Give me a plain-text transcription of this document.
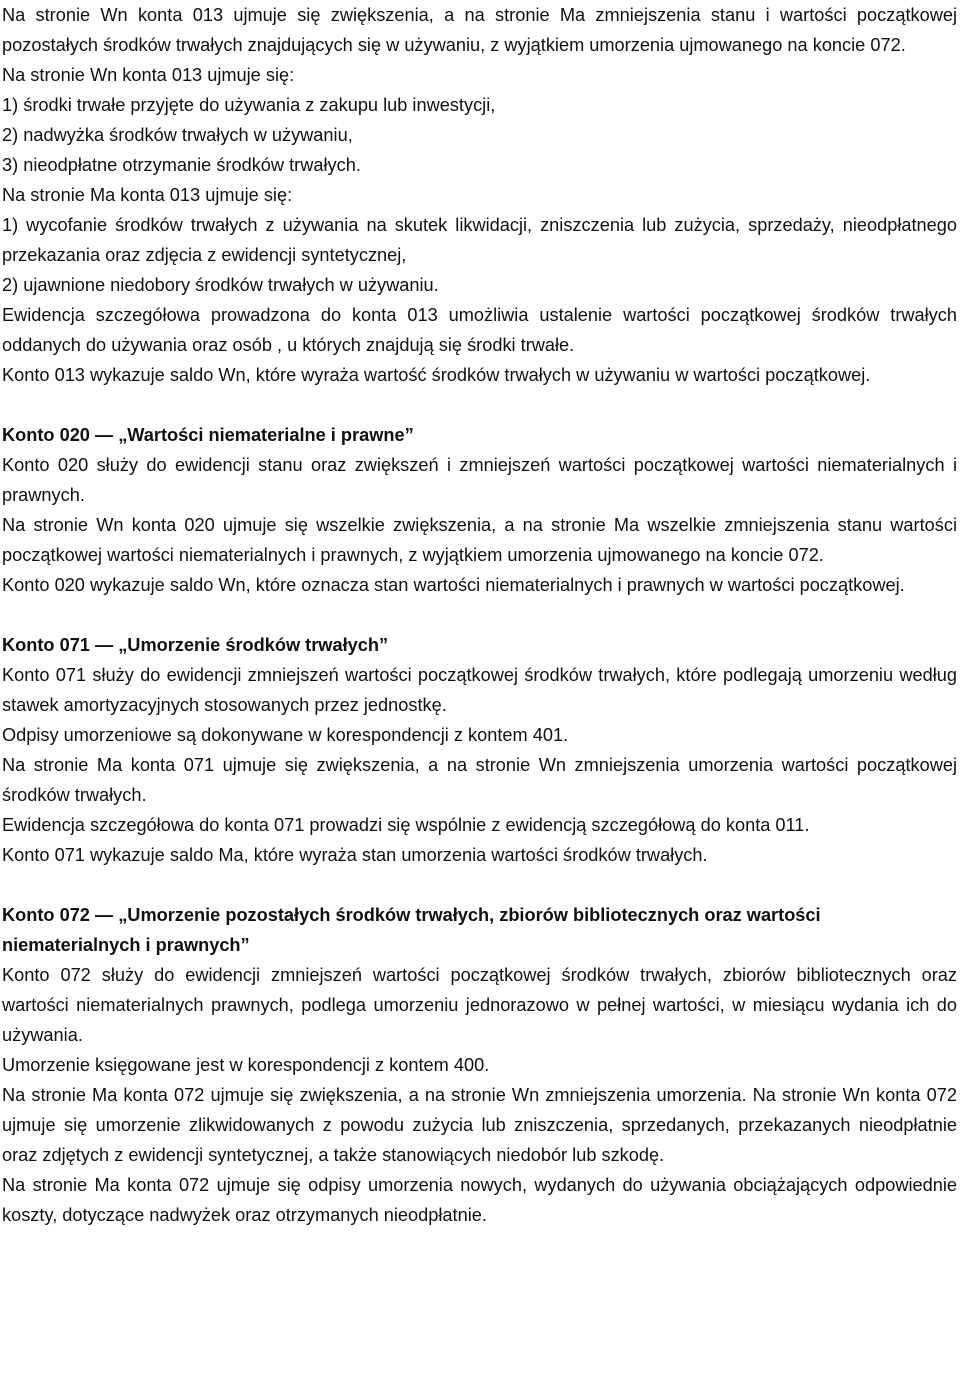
Na stronie Wn konta 013 ujmuje się zwiększenia, a na stronie Ma zmniejszenia stanu i wartości początkowej pozostałych środków trwałych znajdujących się w używaniu, z wyjątkiem umorzenia ujmowanego na koncie 072.

Na stronie Wn konta 013 ujmuje się:

1) środki trwałe przyjęte do używania z zakupu lub inwestycji,

2) nadwyżka środków trwałych w używaniu,

3) nieodpłatne otrzymanie środków trwałych.

Na stronie Ma konta 013 ujmuje się:

1) wycofanie środków trwałych z używania na skutek likwidacji, zniszczenia lub zużycia, sprzedaży, nieodpłatnego przekazania oraz zdjęcia z ewidencji syntetycznej,

2) ujawnione niedobory środków trwałych w używaniu.

Ewidencja szczegółowa prowadzona do konta 013 umożliwia ustalenie wartości początkowej środków trwałych oddanych do używania oraz osób , u których znajdują się środki trwałe.

Konto 013 wykazuje saldo Wn, które wyraża wartość środków trwałych w używaniu w wartości początkowej.

Konto 020 — „Wartości niematerialne i prawne”

Konto 020 służy do ewidencji stanu oraz zwiększeń i zmniejszeń wartości początkowej wartości niematerialnych i prawnych.

Na stronie Wn konta 020 ujmuje się wszelkie zwiększenia, a na stronie Ma wszelkie zmniejszenia stanu wartości początkowej wartości niematerialnych i prawnych, z wyjątkiem umorzenia ujmowanego na koncie 072.

Konto 020 wykazuje saldo Wn, które oznacza stan wartości niematerialnych i prawnych w wartości początkowej.

Konto 071 — „Umorzenie środków trwałych”

Konto 071 służy do ewidencji zmniejszeń wartości początkowej środków trwałych, które podlegają umorzeniu według stawek amortyzacyjnych stosowanych przez jednostkę.

Odpisy umorzeniowe są dokonywane w korespondencji z kontem 401.

Na stronie Ma konta 071 ujmuje się zwiększenia, a na stronie Wn zmniejszenia umorzenia wartości początkowej środków trwałych.

Ewidencja szczegółowa do konta 071 prowadzi się wspólnie z ewidencją szczegółową do konta 011.

Konto 071 wykazuje saldo Ma, które wyraża stan umorzenia wartości środków trwałych.

Konto 072 — „Umorzenie pozostałych środków trwałych, zbiorów bibliotecznych oraz wartości niematerialnych i prawnych”

Konto 072 służy do ewidencji zmniejszeń wartości początkowej środków trwałych, zbiorów bibliotecznych oraz wartości niematerialnych prawnych, podlega umorzeniu jednorazowo w pełnej wartości, w miesiącu wydania ich do używania.

Umorzenie księgowane jest w korespondencji z kontem 400.

Na stronie Ma konta 072 ujmuje się zwiększenia, a na stronie Wn zmniejszenia umorzenia. Na stronie Wn konta 072 ujmuje się umorzenie zlikwidowanych z powodu zużycia lub zniszczenia, sprzedanych, przekazanych nieodpłatnie oraz zdjętych z ewidencji syntetycznej, a także stanowiących niedobór lub szkodę.

Na stronie Ma konta 072 ujmuje się odpisy umorzenia nowych, wydanych do używania obciążających odpowiednie koszty, dotyczące nadwyżek oraz otrzymanych nieodpłatnie.
